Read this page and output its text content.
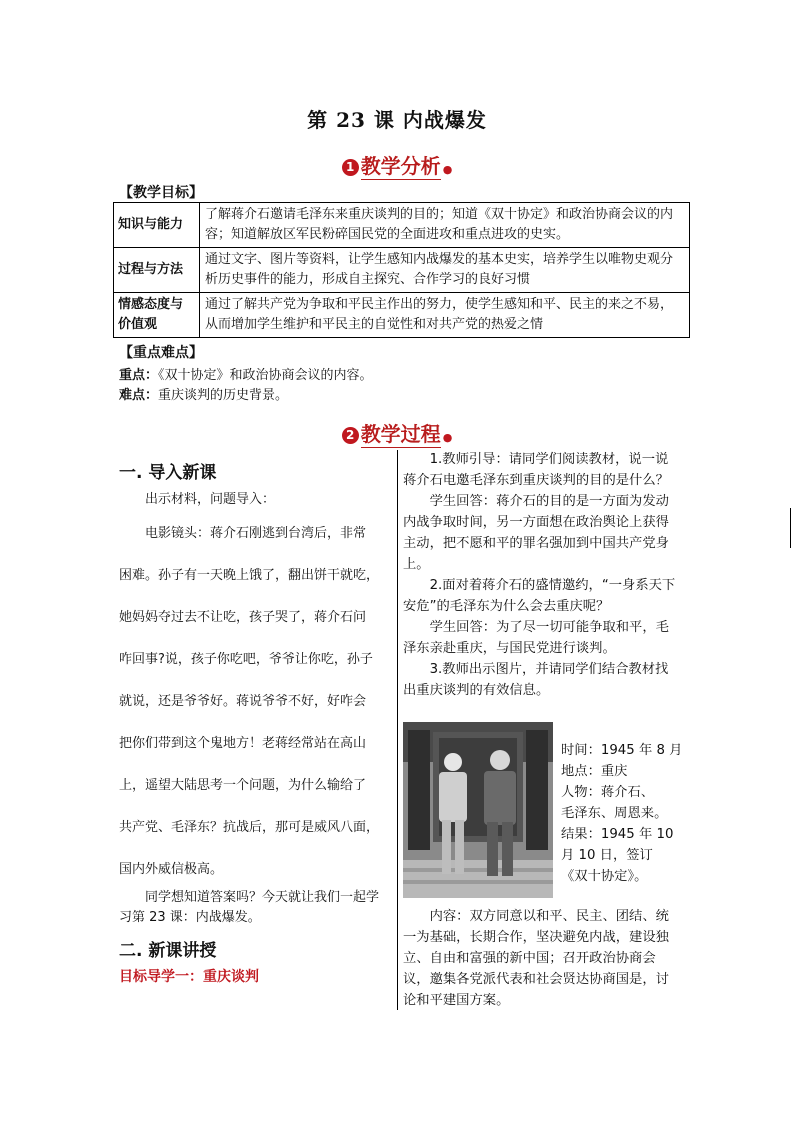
第 23 课 内战爆发
1 教学分析 ●
【教学目标】
知识与能力	了解蒋介石邀请毛泽东来重庆谈判的目的；知道《双十协定》和政治协商会议的内容；知道解放区军民粉碎国民党的全面进攻和重点进攻的史实。
过程与方法	通过文字、图片等资料，让学生感知内战爆发的基本史实，培养学生以唯物史观分析历史事件的能力，形成自主探究、合作学习的良好习惯
情感态度与价值观	通过了解共产党为争取和平民主作出的努力，使学生感知和平、民主的来之不易，从而增加学生维护和平民主的自觉性和对共产党的热爱之情
【重点难点】
重点：《双十协定》和政治协商会议的内容。
难点：重庆谈判的历史背景。
2 教学过程 ●
一. 导入新课
出示材料，问题导入：
电影镜头：蒋介石刚逃到台湾后，非常
困难。孙子有一天晚上饿了，翻出饼干就吃，
她妈妈夺过去不让吃，孩子哭了，蒋介石问
咋回事?说，孩子你吃吧，爷爷让你吃，孙子
就说，还是爷爷好。蒋说爷爷不好，好咋会
把你们带到这个鬼地方！老蒋经常站在高山
上，遥望大陆思考一个问题，为什么输给了
共产党、毛泽东？抗战后，那可是威风八面，
国内外威信极高。

同学想知道答案吗？今天就让我们一起学习第 23 课：内战爆发。

二. 新课讲授
目标导学一：重庆谈判

1.教师引导：请同学们阅读教材，说一说蒋介石电邀毛泽东到重庆谈判的目的是什么？

学生回答：蒋介石的目的是一方面为发动内战争取时间，另一方面想在政治舆论上获得主动，把不愿和平的罪名强加到中国共产党身上。

2.面对着蒋介石的盛情邀约，“一身系天下安危”的毛泽东为什么会去重庆呢？

学生回答：为了尽一切可能争取和平，毛泽东亲赴重庆，与国民党进行谈判。

3.教师出示图片，并请同学们结合教材找出重庆谈判的有效信息。

时间：1945 年 8 月
地点：重庆
人物：蒋介石、
毛泽东、周恩来。
结果：1945 年 10
月 10 日，签订
《双十协定》。

内容：双方同意以和平、民主、团结、统一为基础，长期合作，坚决避免内战，建设独立、自由和富强的新中国；召开政治协商会议，邀集各党派代表和社会贤达协商国是，讨论和平建国方案。
